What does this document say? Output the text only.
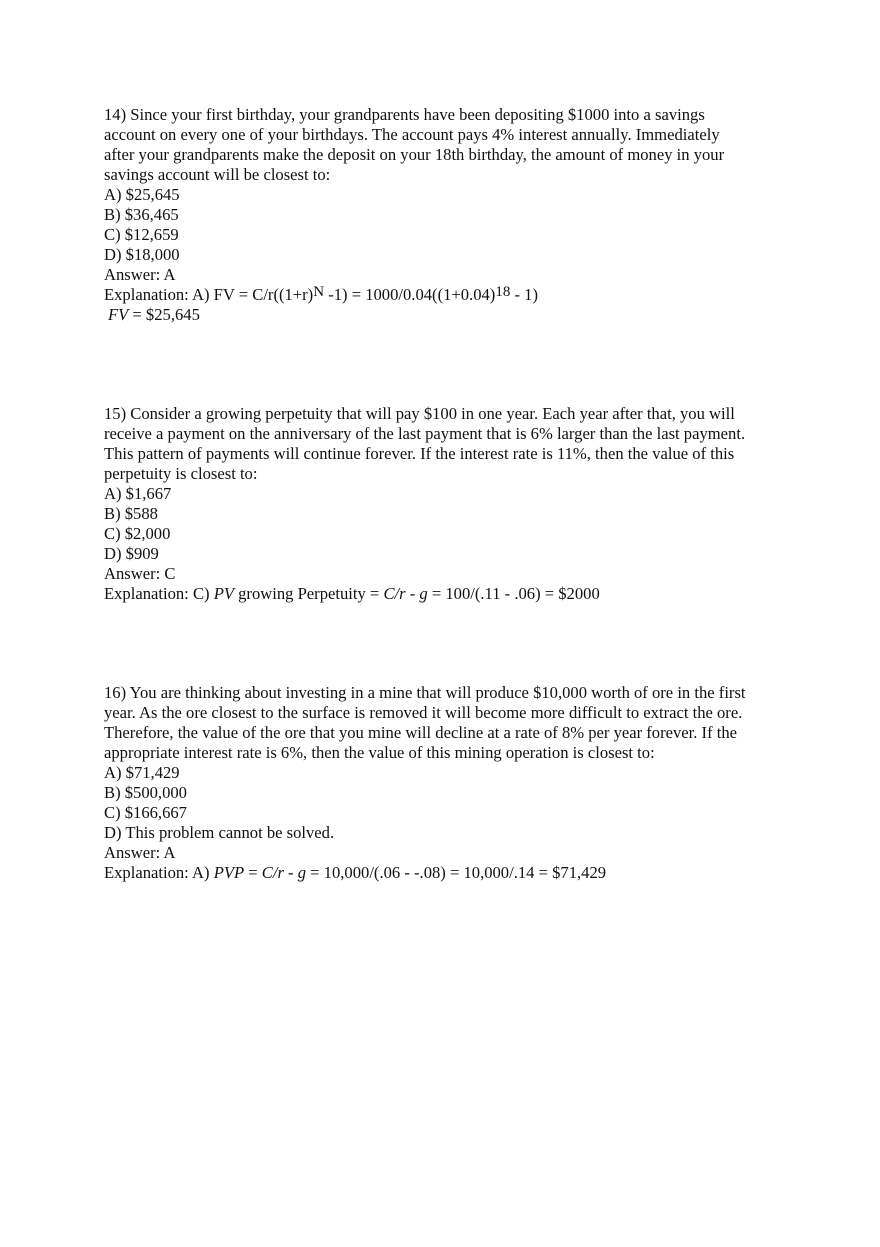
14) Since your first birthday, your grandparents have been depositing $1000 into a savings
account on every one of your birthdays. The account pays 4% interest annually. Immediately
after your grandparents make the deposit on your 18th birthday, the amount of money in your
savings account will be closest to:
A) $25,645
B) $36,465
C) $12,659
D) $18,000
Answer: A
Explanation: A) FV = C/r((1+r)N -1) = 1000/0.04((1+0.04)18 - 1)
FV = $25,645
15) Consider a growing perpetuity that will pay $100 in one year. Each year after that, you will
receive a payment on the anniversary of the last payment that is 6% larger than the last payment.
This pattern of payments will continue forever. If the interest rate is 11%, then the value of this
perpetuity is closest to:
A) $1,667
B) $588
C) $2,000
D) $909
Answer: C
Explanation: C) PV growing Perpetuity = C/r - g = 100/(.11 - .06) = $2000
16) You are thinking about investing in a mine that will produce $10,000 worth of ore in the first
year. As the ore closest to the surface is removed it will become more difficult to extract the ore.
Therefore, the value of the ore that you mine will decline at a rate of 8% per year forever. If the
appropriate interest rate is 6%, then the value of this mining operation is closest to:
A) $71,429
B) $500,000
C) $166,667
D) This problem cannot be solved.
Answer: A
Explanation: A) PVP = C/r - g = 10,000/(.06 - -.08) = 10,000/.14 = $71,429
